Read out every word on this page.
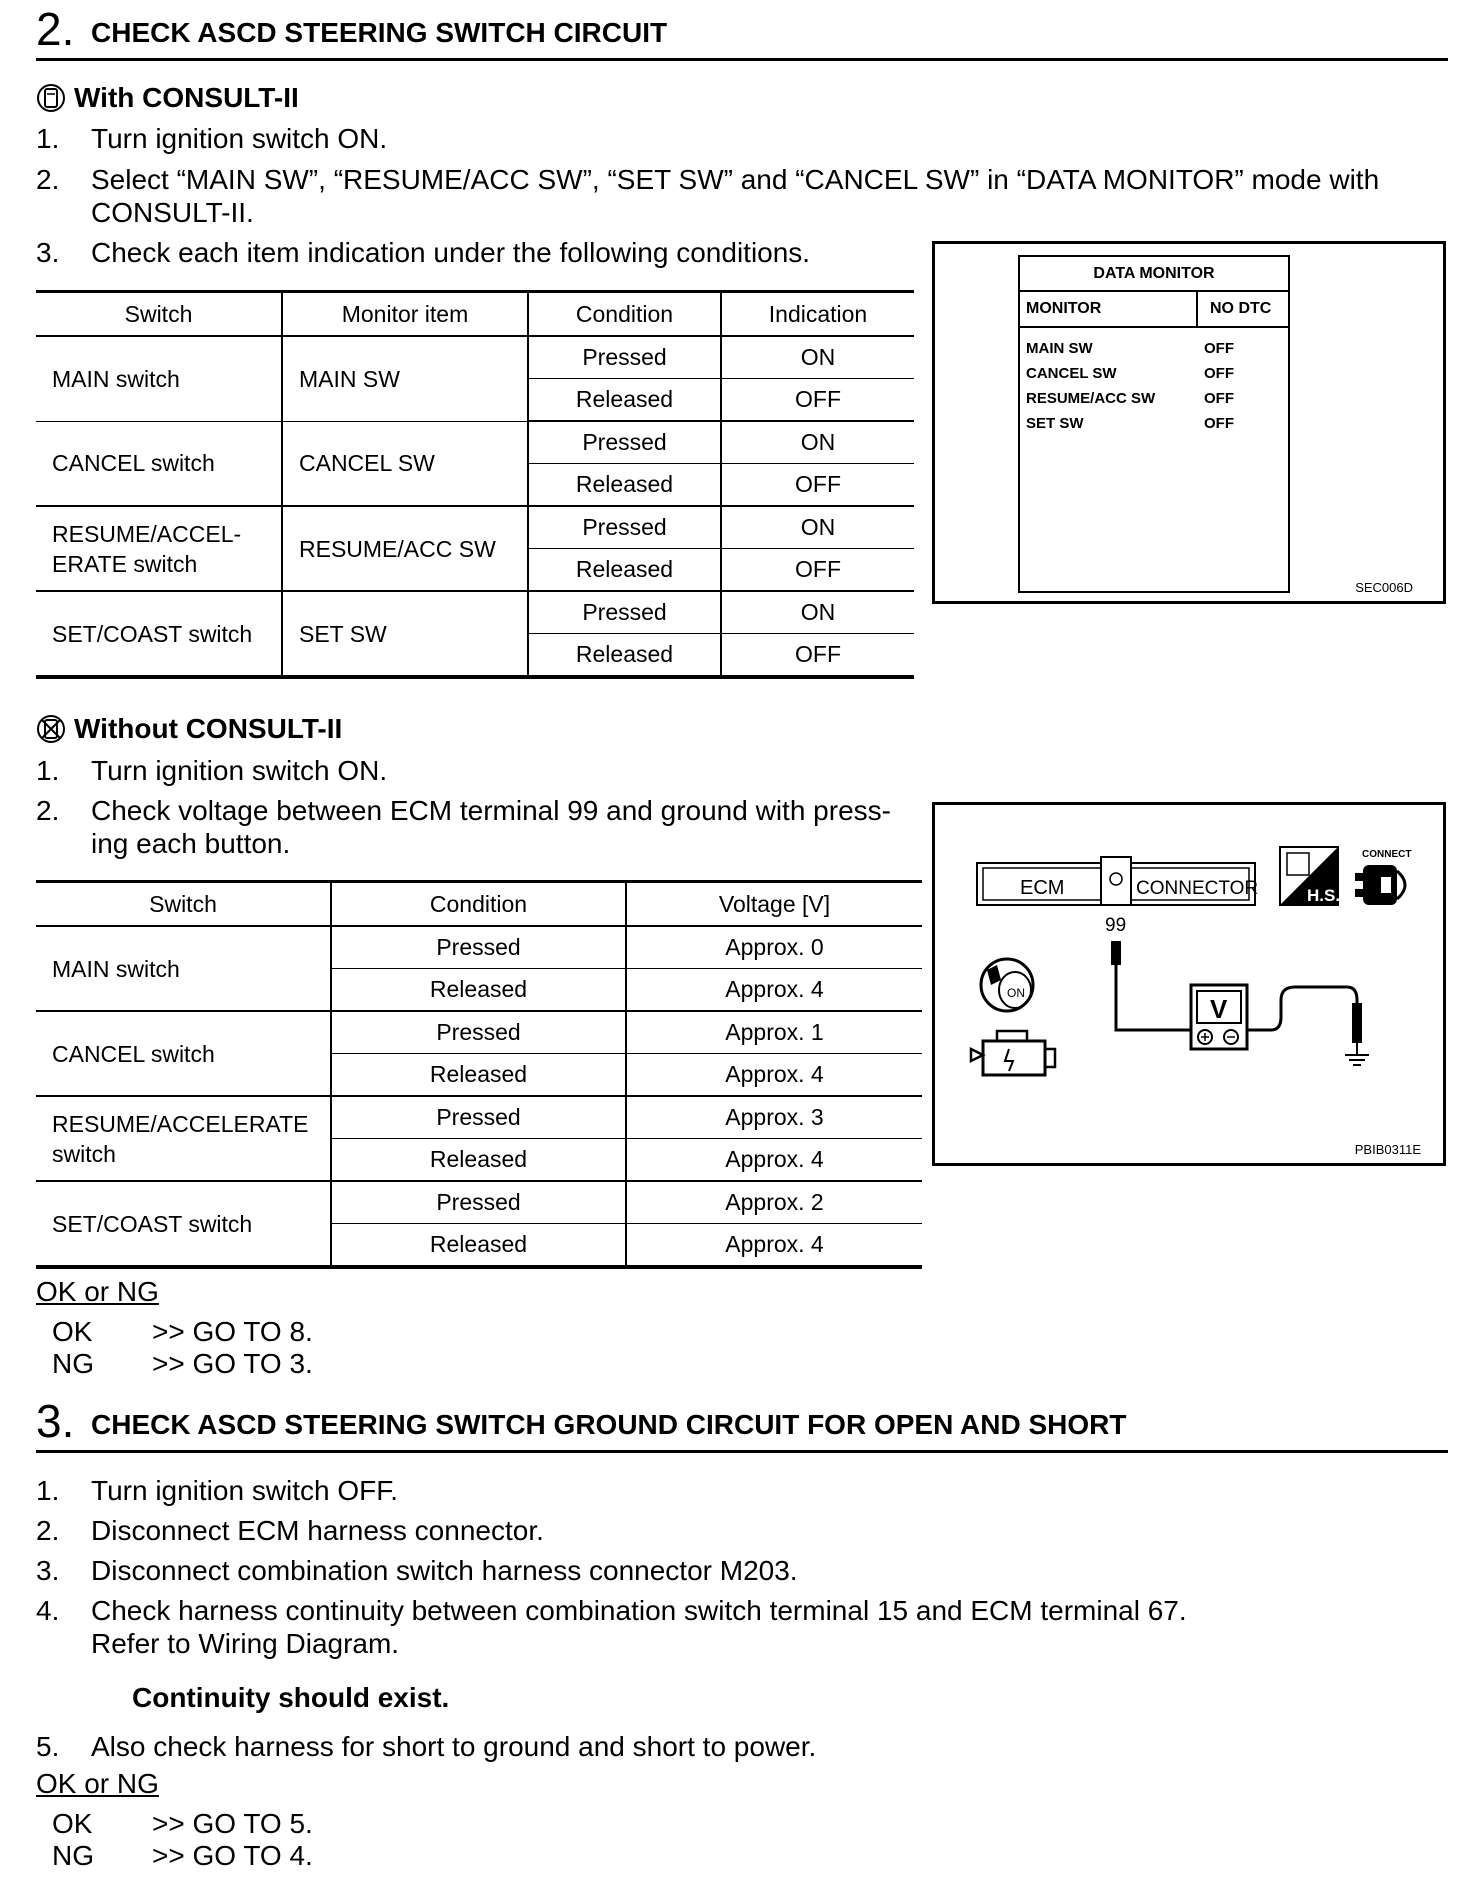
2. CHECK ASCD STEERING SWITCH CIRCUIT
With CONSULT-II
1. Turn ignition switch ON.
2. Select “MAIN SW”, “RESUME/ACC SW”, “SET SW” and “CANCEL SW” in “DATA MONITOR” mode with CONSULT-II.
3. Check each item indication under the following conditions.
Switch	Monitor item	Condition	Indication
MAIN switch	MAIN SW	Pressed	ON
		Released	OFF
CANCEL switch	CANCEL SW	Pressed	ON
		Released	OFF
RESUME/ACCEL-
ERATE switch	RESUME/ACC SW	Pressed	ON
		Released	OFF
SET/COAST switch	SET SW	Pressed	ON
		Released	OFF
DATA MONITOR
MONITOR	NO DTC
MAIN SW	OFF
CANCEL SW	OFF
RESUME/ACC SW	OFF
SET SW	OFF
SEC006D
Without CONSULT-II
1. Turn ignition switch ON.
2. Check voltage between ECM terminal 99 and ground with press-
ing each button.
Switch	Condition	Voltage [V]
MAIN switch	Pressed	Approx. 0
	Released	Approx. 4
CANCEL switch	Pressed	Approx. 1
	Released	Approx. 4
RESUME/ACCELERATE
switch	Pressed	Approx. 3
	Released	Approx. 4
SET/COAST switch	Pressed	Approx. 2
	Released	Approx. 4
ECM	CONNECTOR
99
H.S.
CONNECT
ON
V
PBIB0311E
OK or NG
OK >> GO TO 8.
NG >> GO TO 3.
3. CHECK ASCD STEERING SWITCH GROUND CIRCUIT FOR OPEN AND SHORT
1. Turn ignition switch OFF.
2. Disconnect ECM harness connector.
3. Disconnect combination switch harness connector M203.
4. Check harness continuity between combination switch terminal 15 and ECM terminal 67.
Refer to Wiring Diagram.
Continuity should exist.
5. Also check harness for short to ground and short to power.
OK or NG
OK >> GO TO 5.
NG >> GO TO 4.
